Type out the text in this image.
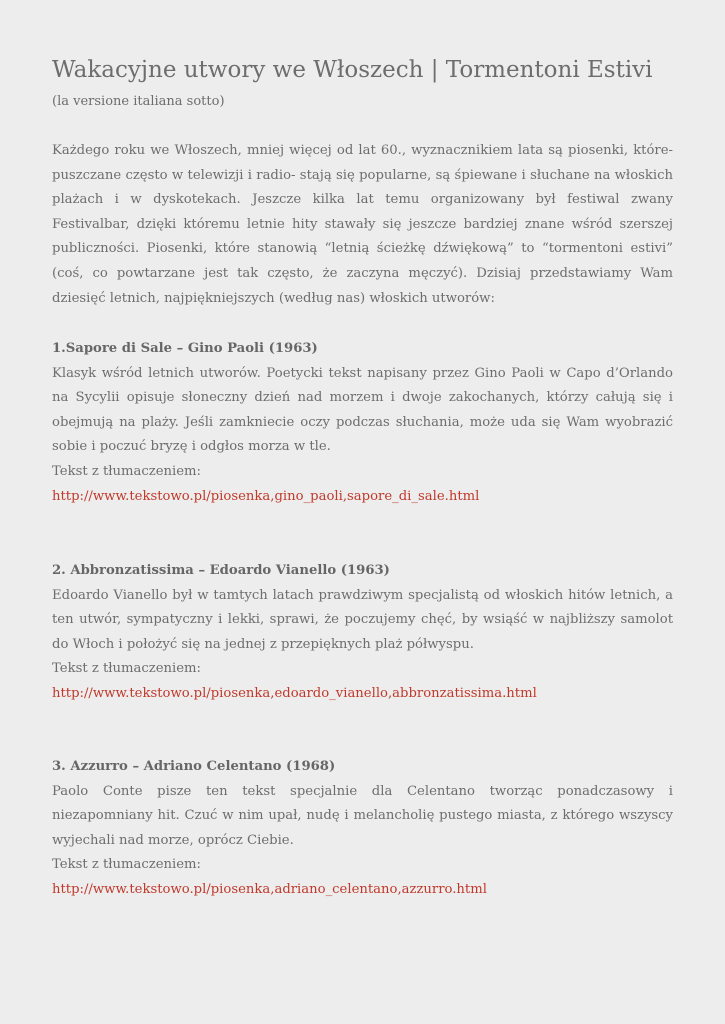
Wakacyjne utwory we Włoszech | Tormentoni Estivi
(la versione italiana sotto)

Każdego roku we Włoszech, mniej więcej od lat 60., wyznacznikiem lata są piosenki, które-puszczane często w telewizji i radio- stają się popularne, są śpiewane i słuchane na włoskich plażach i w dyskotekach. Jeszcze kilka lat temu organizowany był festiwal zwany Festivalbar, dzięki któremu letnie hity stawały się jeszcze bardziej znane wśród szerszej publiczności. Piosenki, które stanowią “letnią ścieżkę dźwiękową” to “tormentoni estivi” (coś, co powtarzane jest tak często, że zaczyna męczyć). Dzisiaj przedstawiamy Wam dziesięć letnich, najpiękniejszych (według nas) włoskich utworów:

1.Sapore di Sale – Gino Paoli (1963)

Klasyk wśród letnich utworów. Poetycki tekst napisany przez Gino Paoli w Capo d’Orlando na Sycylii opisuje słoneczny dzień nad morzem i dwoje zakochanych, którzy całują się i obejmują na plaży. Jeśli zamkniecie oczy podczas słuchania, może uda się Wam wyobrazić sobie i poczuć bryzę i odgłos morza w tle.

Tekst z tłumaczeniem:
http://www.tekstowo.pl/piosenka,gino_paoli,sapore_di_sale.html
2. Abbronzatissima – Edoardo Vianello (1963)

Edoardo Vianello był w tamtych latach prawdziwym specjalistą od włoskich hitów letnich, a ten utwór, sympatyczny i lekki, sprawi, że poczujemy chęć, by wsiąść w najbliższy samolot do Włoch i położyć się na jednej z przepięknych plaż półwyspu.

Tekst z tłumaczeniem:
http://www.tekstowo.pl/piosenka,edoardo_vianello,abbronzatissima.html
3. Azzurro – Adriano Celentano (1968)

Paolo Conte pisze ten tekst specjalnie dla Celentano tworząc ponadczasowy i niezapomniany hit. Czuć w nim upał, nudę i melancholię pustego miasta, z którego wszyscy wyjechali nad morze, oprócz Ciebie.

Tekst z tłumaczeniem:
http://www.tekstowo.pl/piosenka,adriano_celentano,azzurro.html
